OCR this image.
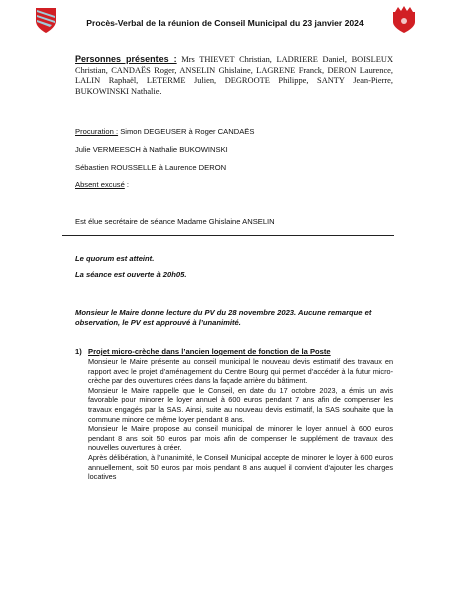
Procès-Verbal de la réunion de Conseil Municipal du 23 janvier 2024
Personnes présentes : Mrs THIEVET Christian, LADRIERE Daniel, BOISLEUX Christian, CANDAËS Roger, ANSELIN Ghislaine, LAGRENE Franck, DERON Laurence, LALIN Raphaël, LETERME Julien, DEGROOTE Philippe, SANTY Jean-Pierre, BUKOWINSKI Nathalie.
Procuration : Simon DEGEUSER à Roger CANDAËS
Julie VERMEESCH à Nathalie BUKOWINSKI
Sébastien ROUSSELLE à Laurence DERON
Absent excusé :
Est élue secrétaire de séance Madame Ghislaine ANSELIN
Le quorum est atteint.
La séance est ouverte à 20h05.
Monsieur le Maire donne lecture du PV du 28 novembre 2023. Aucune remarque et observation, le PV est approuvé à l’unanimité.
1) Projet micro-crèche dans l’ancien logement de fonction de la Poste

Monsieur le Maire présente au conseil municipal le nouveau devis estimatif des travaux en rapport avec le projet d’aménagement du Centre Bourg qui permet d’accéder à la futur micro-crèche par des ouvertures crées dans la façade arrière du bâtiment.

Monsieur le Maire rappelle que le Conseil, en date du 17 octobre 2023, a émis un avis favorable pour minorer le loyer annuel à 600 euros pendant 7 ans afin de compenser les travaux engagés par la SAS. Ainsi, suite au nouveau devis estimatif, la SAS souhaite que la commune minore ce même loyer pendant 8 ans.

Monsieur le Maire propose au conseil municipal de minorer le loyer annuel à 600 euros pendant 8 ans soit 50 euros par mois afin de compenser le supplément de travaux des nouvelles ouvertures à créer.

Après délibération, à l’unanimité, le Conseil Municipal accepte de minorer le loyer à 600 euros annuellement, soit 50 euros par mois pendant 8 ans auquel il convient d’ajouter les charges locatives
